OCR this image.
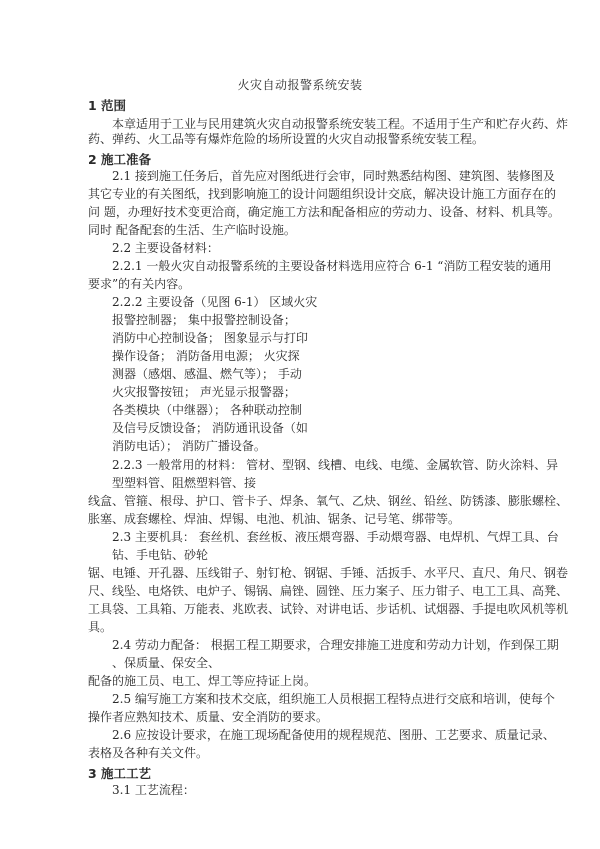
火灾自动报警系统安装
1 范围
本章适用于工业与民用建筑火灾自动报警系统安装工程。不适用于生产和贮存火药、炸
药、弹药、火工品等有爆炸危险的场所设置的火灾自动报警系统安装工程。
2 施工准备
2.1 接到施工任务后，首先应对图纸进行会审，同时熟悉结构图、建筑图、装修图及
其它专业的有关图纸，找到影响施工的设计问题组织设计交底，解决设计施工方面存在的
问 题，办理好技术变更洽商，确定施工方法和配备相应的劳动力、设备、材料、机具等。
同时 配备配套的生活、生产临时设施。
2.2 主要设备材料：
2.2.1 一般火灾自动报警系统的主要设备材料选用应符合 6-1 “消防工程安装的通用
要求”的有关内容。
2.2.2 主要设备（见图 6-1） 区域火灾
报警控制器； 集中报警控制设备；
消防中心控制设备； 图象显示与打印
操作设备； 消防备用电源； 火灾探
测器（感烟、感温、燃气等）； 手动
火灾报警按钮； 声光显示报警器；
各类模块（中继器）； 各种联动控制
及信号反馈设备； 消防通讯设备（如
消防电话）； 消防广播设备。
2.2.3 一般常用的材料： 管材、型钢、线槽、电线、电缆、金属软管、防火涂料、异
型塑料管、阻燃塑料管、接
线盒、管箍、根母、护口、管卡子、焊条、氧气、乙炔、钢丝、铅丝、防锈漆、膨胀螺栓、
胀塞、成套螺栓、焊油、焊锡、电池、机油、锯条、记号笔、绑带等。
2.3 主要机具： 套丝机、套丝板、液压煨弯器、手动煨弯器、电焊机、气焊工具、台
钻、手电钻、砂轮
锯、电锤、开孔器、压线钳子、射钉枪、钢锯、手锤、活扳手、水平尺、直尺、角尺、钢卷
尺、线坠、电烙铁、电炉子、锡锅、扁锉、圆锉、压力案子、压力钳子、电工工具、高凳、
工具袋、工具箱、万能表、兆欧表、试铃、对讲电话、步话机、试烟器、手提电吹风机等机
具。
2.4 劳动力配备： 根据工程工期要求，合理安排施工进度和劳动力计划，作到保工期
、保质量、保安全、
配备的施工员、电工、焊工等应持证上岗。
2.5 编写施工方案和技术交底，组织施工人员根据工程特点进行交底和培训，使每个
操作者应熟知技术、质量、安全消防的要求。
2.6 应按设计要求，在施工现场配备使用的规程规范、图册、工艺要求、质量记录、
表格及各种有关文件。
3 施工工艺
3.1 工艺流程：
